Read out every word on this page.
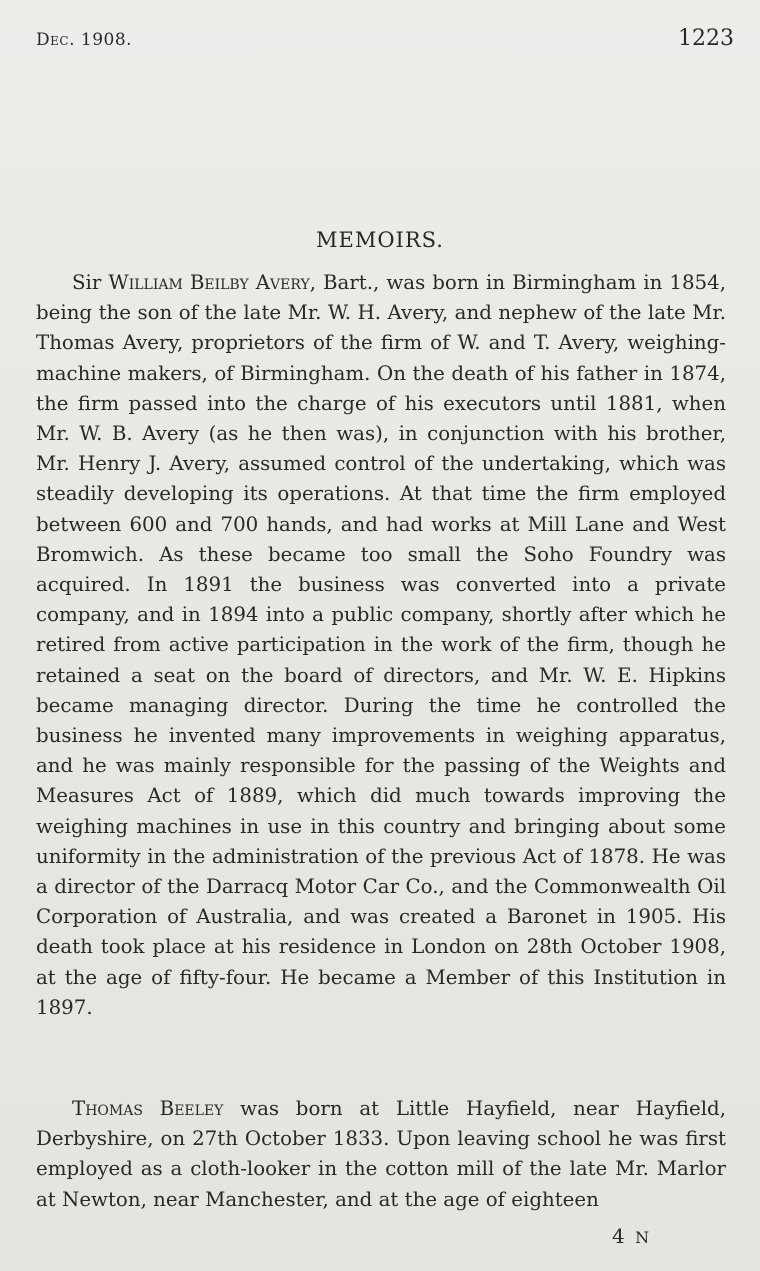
Dec. 1908.	1223
MEMOIRS.

Sir William Beilby Avery, Bart., was born in Birmingham in 1854, being the son of the late Mr. W. H. Avery, and nephew of the late Mr. Thomas Avery, proprietors of the firm of W. and T. Avery, weighing-machine makers, of Birmingham. On the death of his father in 1874, the firm passed into the charge of his executors until 1881, when Mr. W. B. Avery (as he then was), in conjunction with his brother, Mr. Henry J. Avery, assumed control of the undertaking, which was steadily developing its operations. At that time the firm employed between 600 and 700 hands, and had works at Mill Lane and West Bromwich. As these became too small the Soho Foundry was acquired. In 1891 the business was converted into a private company, and in 1894 into a public company, shortly after which he retired from active participation in the work of the firm, though he retained a seat on the board of directors, and Mr. W. E. Hipkins became managing director. During the time he controlled the business he invented many improvements in weighing apparatus, and he was mainly responsible for the passing of the Weights and Measures Act of 1889, which did much towards improving the weighing machines in use in this country and bringing about some uniformity in the administration of the previous Act of 1878. He was a director of the Darracq Motor Car Co., and the Commonwealth Oil Corporation of Australia, and was created a Baronet in 1905. His death took place at his residence in London on 28th October 1908, at the age of fifty-four. He became a Member of this Institution in 1897.

Thomas Beeley was born at Little Hayfield, near Hayfield, Derbyshire, on 27th October 1833. Upon leaving school he was first employed as a cloth-looker in the cotton mill of the late Mr. Marlor at Newton, near Manchester, and at the age of eighteen

4 N
